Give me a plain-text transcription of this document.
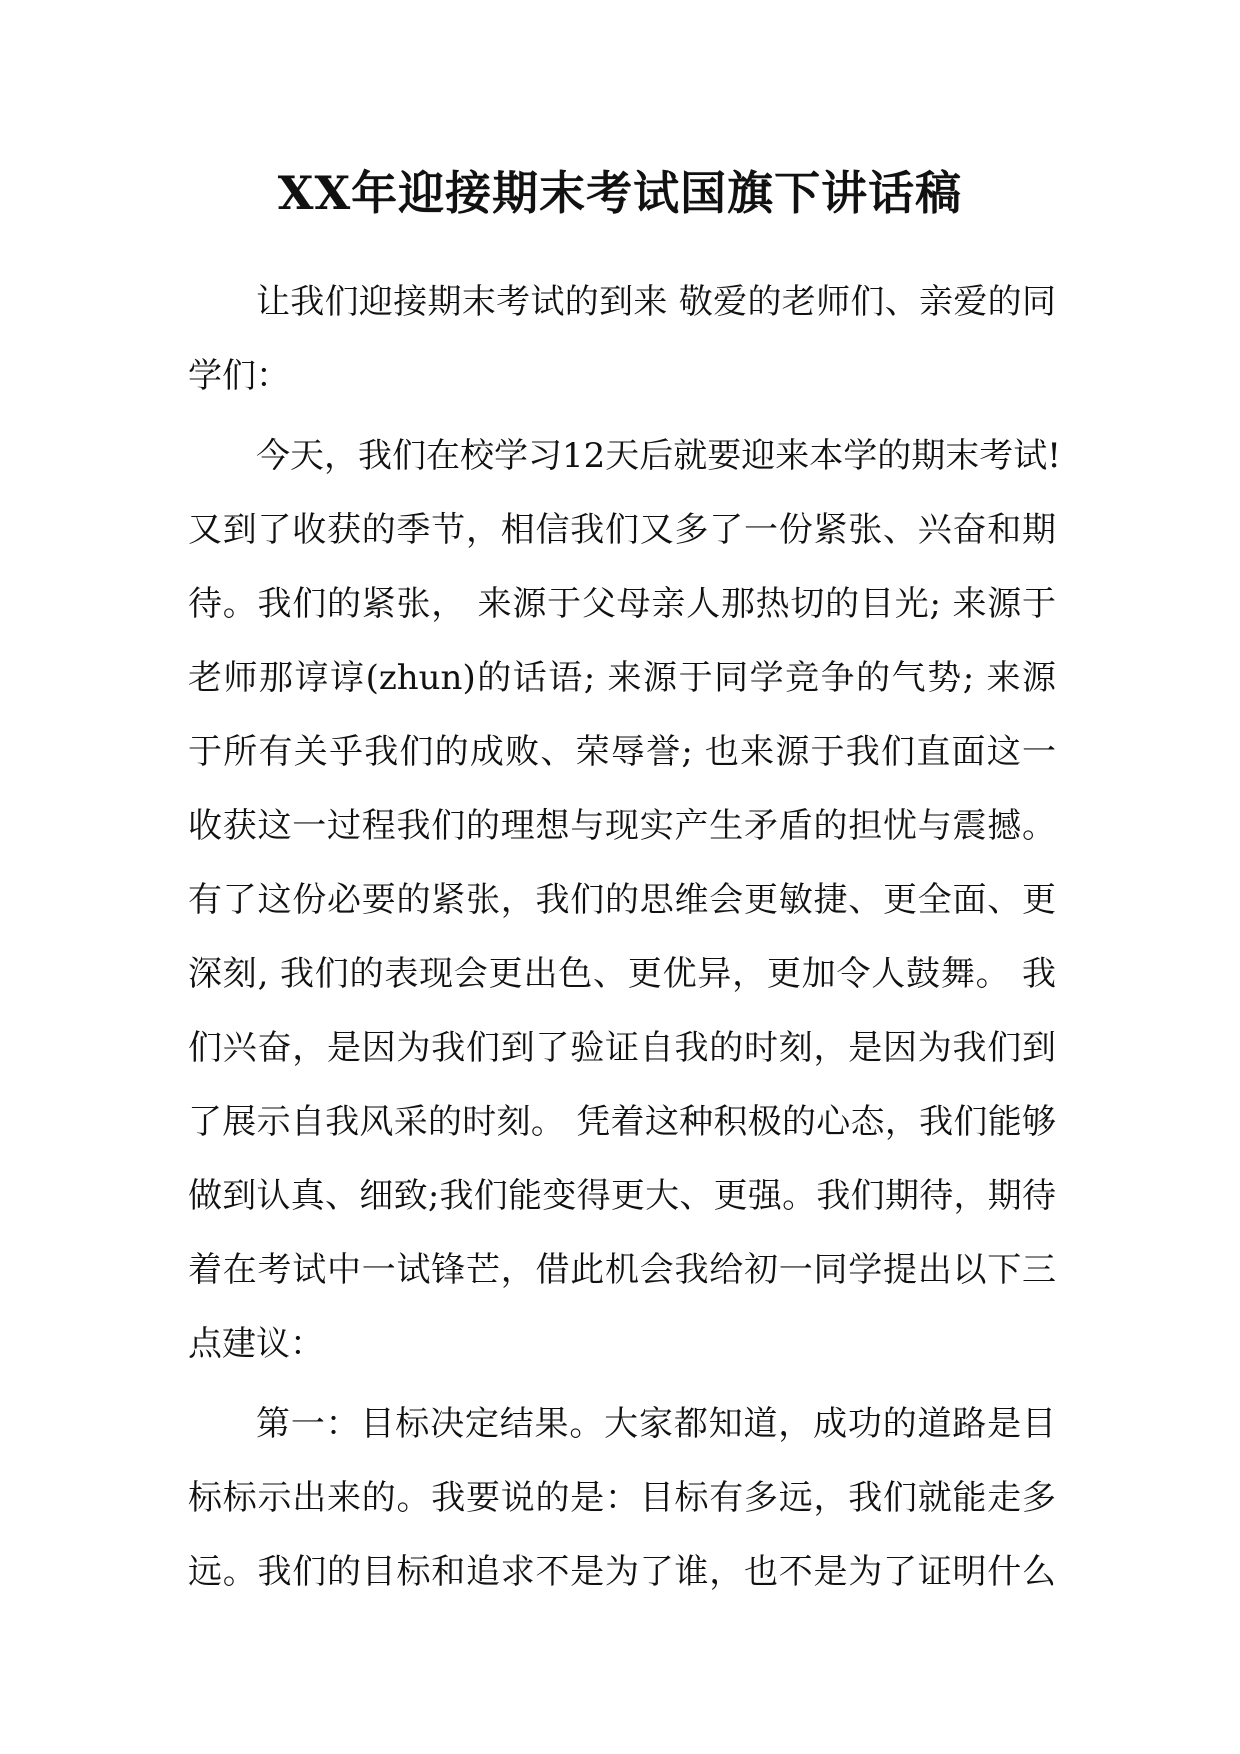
XX年迎接期末考试国旗下讲话稿
让我们迎接期末考试的到来 敬爱的老师们、亲爱的同
学们：
今天，我们在校学习12天后就要迎来本学的期末考试!
又到了收获的季节，相信我们又多了一份紧张、兴奋和期
待。我们的紧张， 来源于父母亲人那热切的目光; 来源于
老师那谆谆(zhun)的话语; 来源于同学竞争的气势; 来源
于所有关乎我们的成败、荣辱誉; 也来源于我们直面这一
收获这一过程我们的理想与现实产生矛盾的担忧与震撼。
有了这份必要的紧张，我们的思维会更敏捷、更全面、更
深刻, 我们的表现会更出色、更优异，更加令人鼓舞。 我
们兴奋，是因为我们到了验证自我的时刻，是因为我们到
了展示自我风采的时刻。 凭着这种积极的心态，我们能够
做到认真、细致;我们能变得更大、更强。我们期待，期待
着在考试中一试锋芒，借此机会我给初一同学提出以下三
点建议：
第一：目标决定结果。大家都知道，成功的道路是目
标标示出来的。我要说的是：目标有多远，我们就能走多
远。我们的目标和追求不是为了谁，也不是为了证明什么
